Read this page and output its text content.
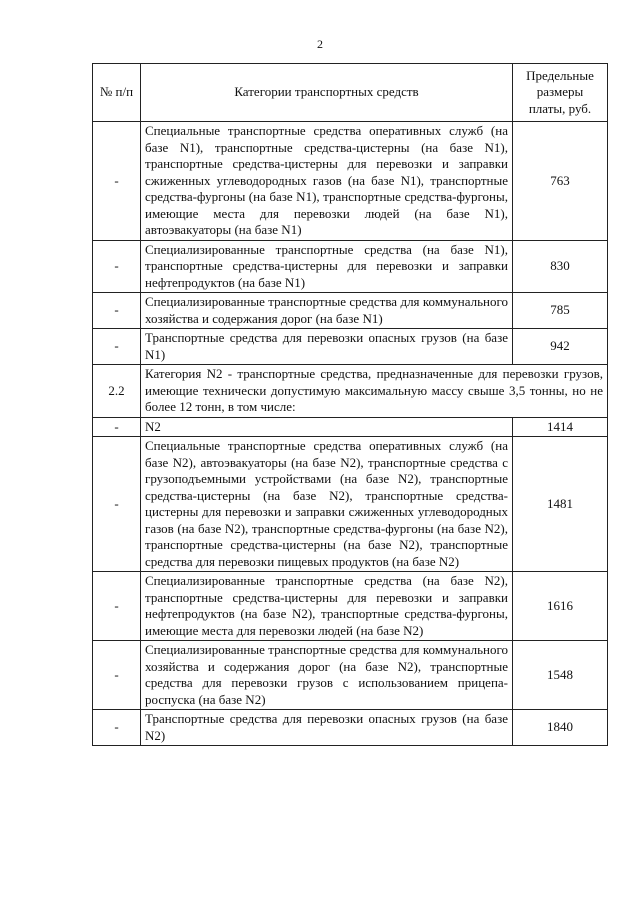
2
№ п/п	Категории транспортных средств	Предельные размеры платы, руб.
-	Специальные транспортные средства оперативных служб (на базе N1), транспортные средства-цистерны (на базе N1), транспортные средства-цистерны для перевозки и заправки сжиженных углеводородных газов (на базе N1), транспортные средства-фургоны (на базе N1), транспортные средства-фургоны, имеющие места для перевозки людей (на базе N1), автоэвакуаторы (на базе N1)	763
-	Специализированные транспортные средства (на базе N1), транспортные средства-цистерны для перевозки и заправки нефтепродуктов (на базе N1)	830
-	Специализированные транспортные средства для коммунального хозяйства и содержания дорог (на базе N1)	785
-	Транспортные средства для перевозки опасных грузов (на базе N1)	942
2.2	Категория N2 - транспортные средства, предназначенные для перевозки грузов, имеющие технически допустимую максимальную массу свыше 3,5 тонны, но не более 12 тонн, в том числе:	
-	N2	1414
-	Специальные транспортные средства оперативных служб (на базе N2), автоэвакуаторы (на базе N2), транспортные средства с грузоподъемными устройствами (на базе N2), транспортные средства-цистерны (на базе N2), транспортные средства-цистерны для перевозки и заправки сжиженных углеводородных газов (на базе N2), транспортные средства-фургоны (на базе N2), транспортные средства-цистерны (на базе N2), транспортные средства для перевозки пищевых продуктов (на базе N2)	1481
-	Специализированные транспортные средства (на базе N2), транспортные средства-цистерны для перевозки и заправки нефтепродуктов (на базе N2), транспортные средства-фургоны, имеющие места для перевозки людей (на базе N2)	1616
-	Специализированные транспортные средства для коммунального хозяйства и содержания дорог (на базе N2), транспортные средства для перевозки грузов с использованием прицепа-роспуска (на базе N2)	1548
-	Транспортные средства для перевозки опасных грузов (на базе N2)	1840
